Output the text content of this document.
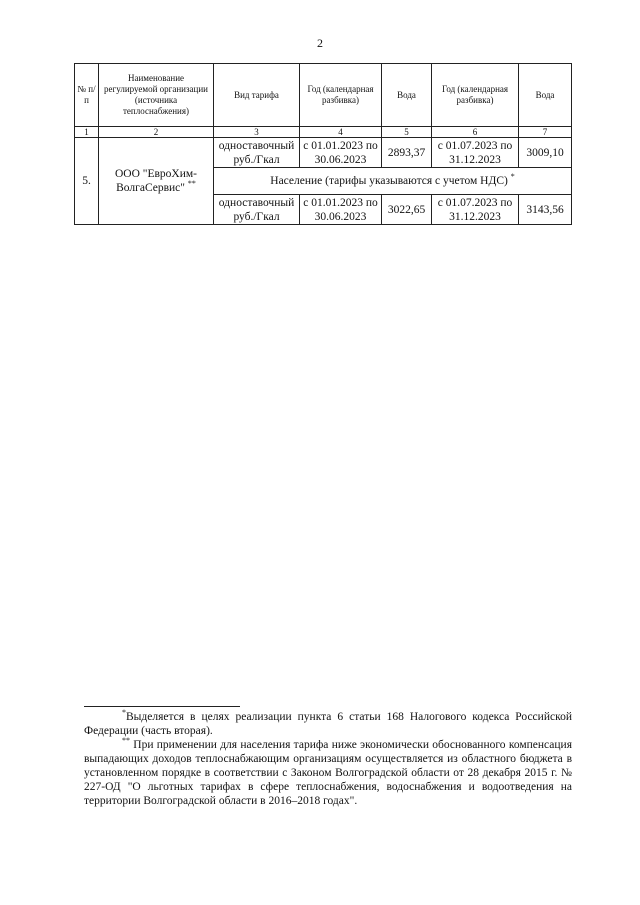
2
№ п/п	Наименование регулируемой организации (источника теплоснабжения)	Вид тарифа	Год (календарная разбивка)	Вода	Год (календарная разбивка)	Вода
1	2	3	4	5	6	7
5.	ООО "ЕвроХим-ВолгаСервис" **	одноставочный руб./Гкал	с 01.01.2023 по 30.06.2023	2893,37	с 01.07.2023 по 31.12.2023	3009,10
		Население (тарифы указываются с учетом НДС) *
		одноставочный руб./Гкал	с 01.01.2023 по 30.06.2023	3022,65	с 01.07.2023 по 31.12.2023	3143,56

*Выделяется в целях реализации пункта 6 статьи 168 Налогового кодекса Российской Федерации (часть вторая).

** При применении для населения тарифа ниже экономически обоснованного компенсация выпадающих доходов теплоснабжающим организациям осуществляется из областного бюджета в установленном порядке в соответствии с Законом Волгоградской области от 28 декабря 2015 г. № 227-ОД "О льготных тарифах в сфере теплоснабжения, водоснабжения и водоотведения на территории Волгоградской области в 2016–2018 годах".
